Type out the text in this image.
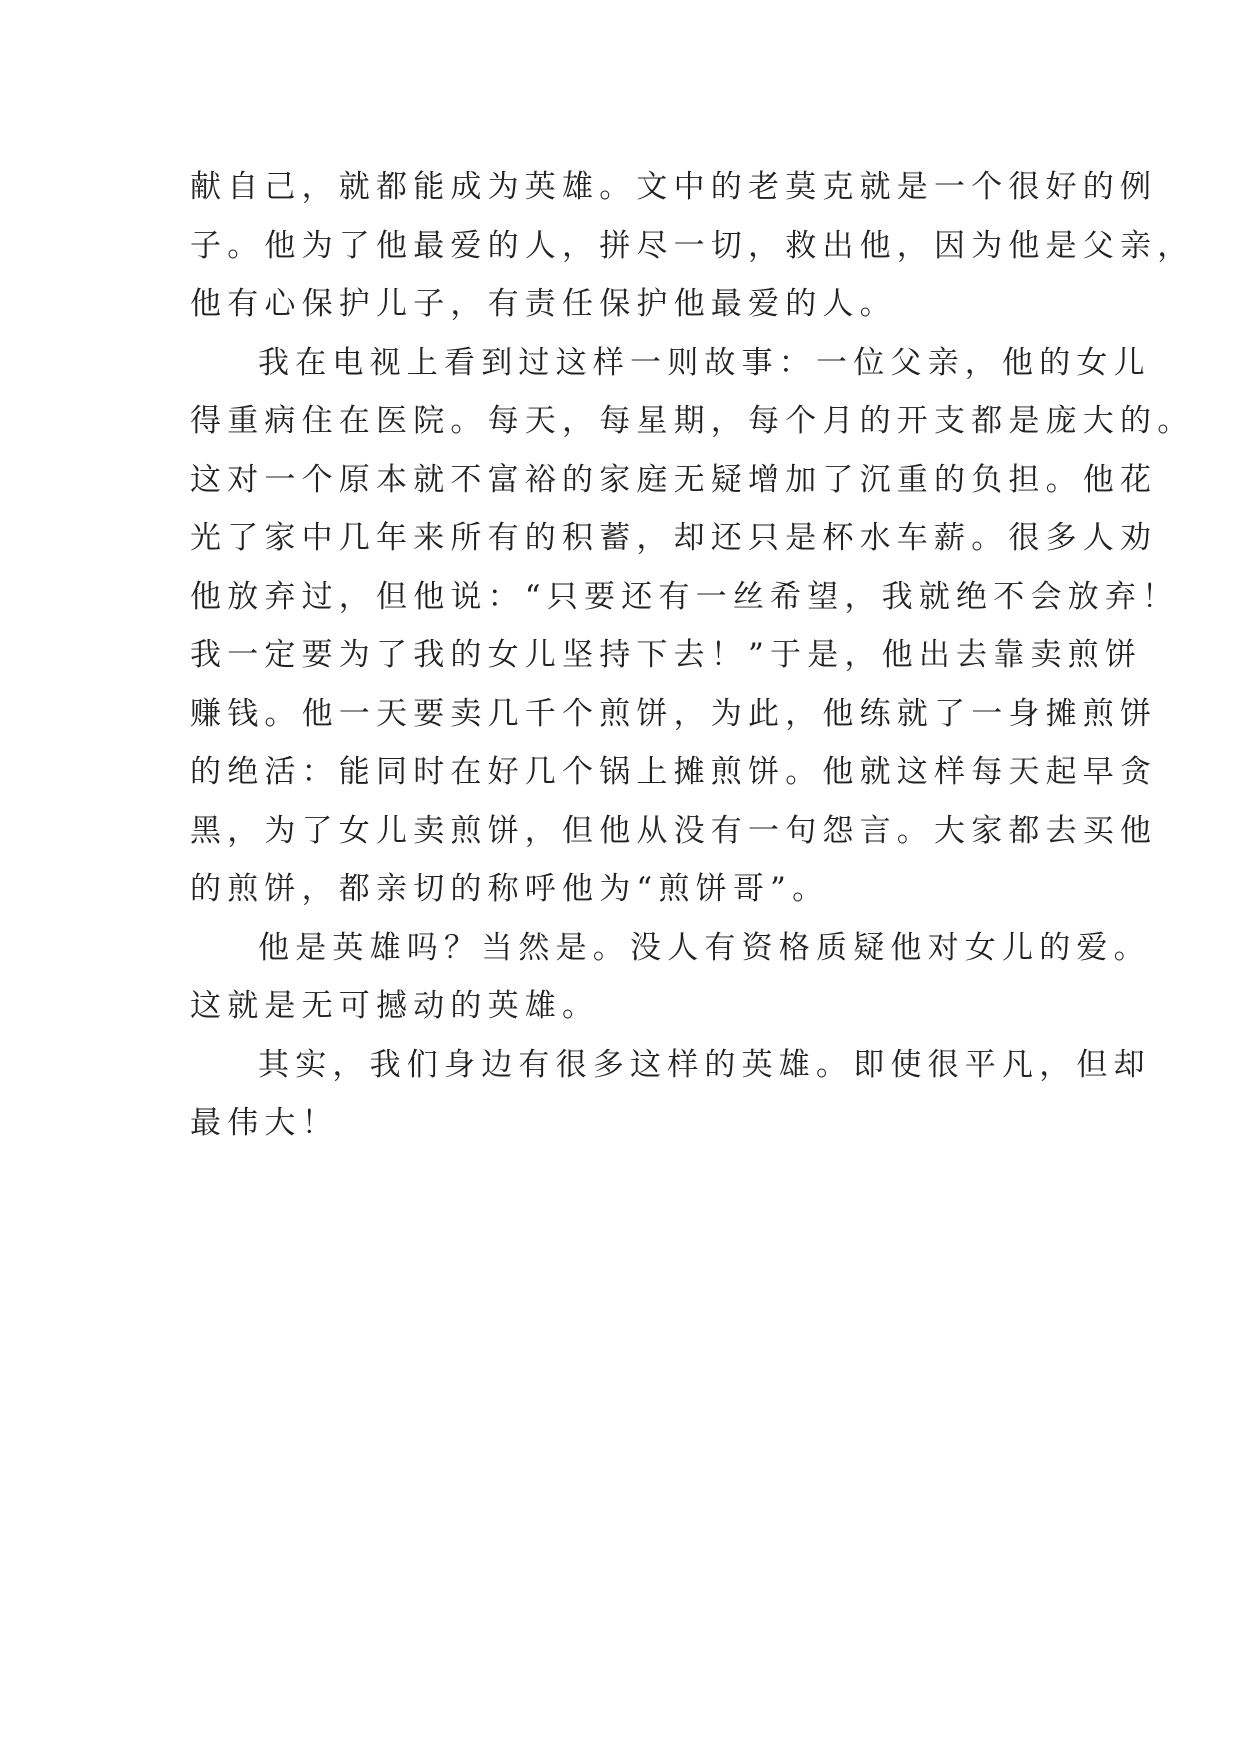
献自己，就都能成为英雄。文中的老莫克就是一个很好的例
子。他为了他最爱的人，拼尽一切，救出他，因为他是父亲，
他有心保护儿子，有责任保护他最爱的人。
我在电视上看到过这样一则故事：一位父亲，他的女儿
得重病住在医院。每天，每星期，每个月的开支都是庞大的。
这对一个原本就不富裕的家庭无疑增加了沉重的负担。他花
光了家中几年来所有的积蓄，却还只是杯水车薪。很多人劝
他放弃过，但他说：“只要还有一丝希望，我就绝不会放弃！
我一定要为了我的女儿坚持下去！”于是，他出去靠卖煎饼
赚钱。他一天要卖几千个煎饼，为此，他练就了一身摊煎饼
的绝活：能同时在好几个锅上摊煎饼。他就这样每天起早贪
黑，为了女儿卖煎饼，但他从没有一句怨言。大家都去买他
的煎饼，都亲切的称呼他为“煎饼哥”。
他是英雄吗？当然是。没人有资格质疑他对女儿的爱。
这就是无可撼动的英雄。
其实，我们身边有很多这样的英雄。即使很平凡，但却
最伟大！
